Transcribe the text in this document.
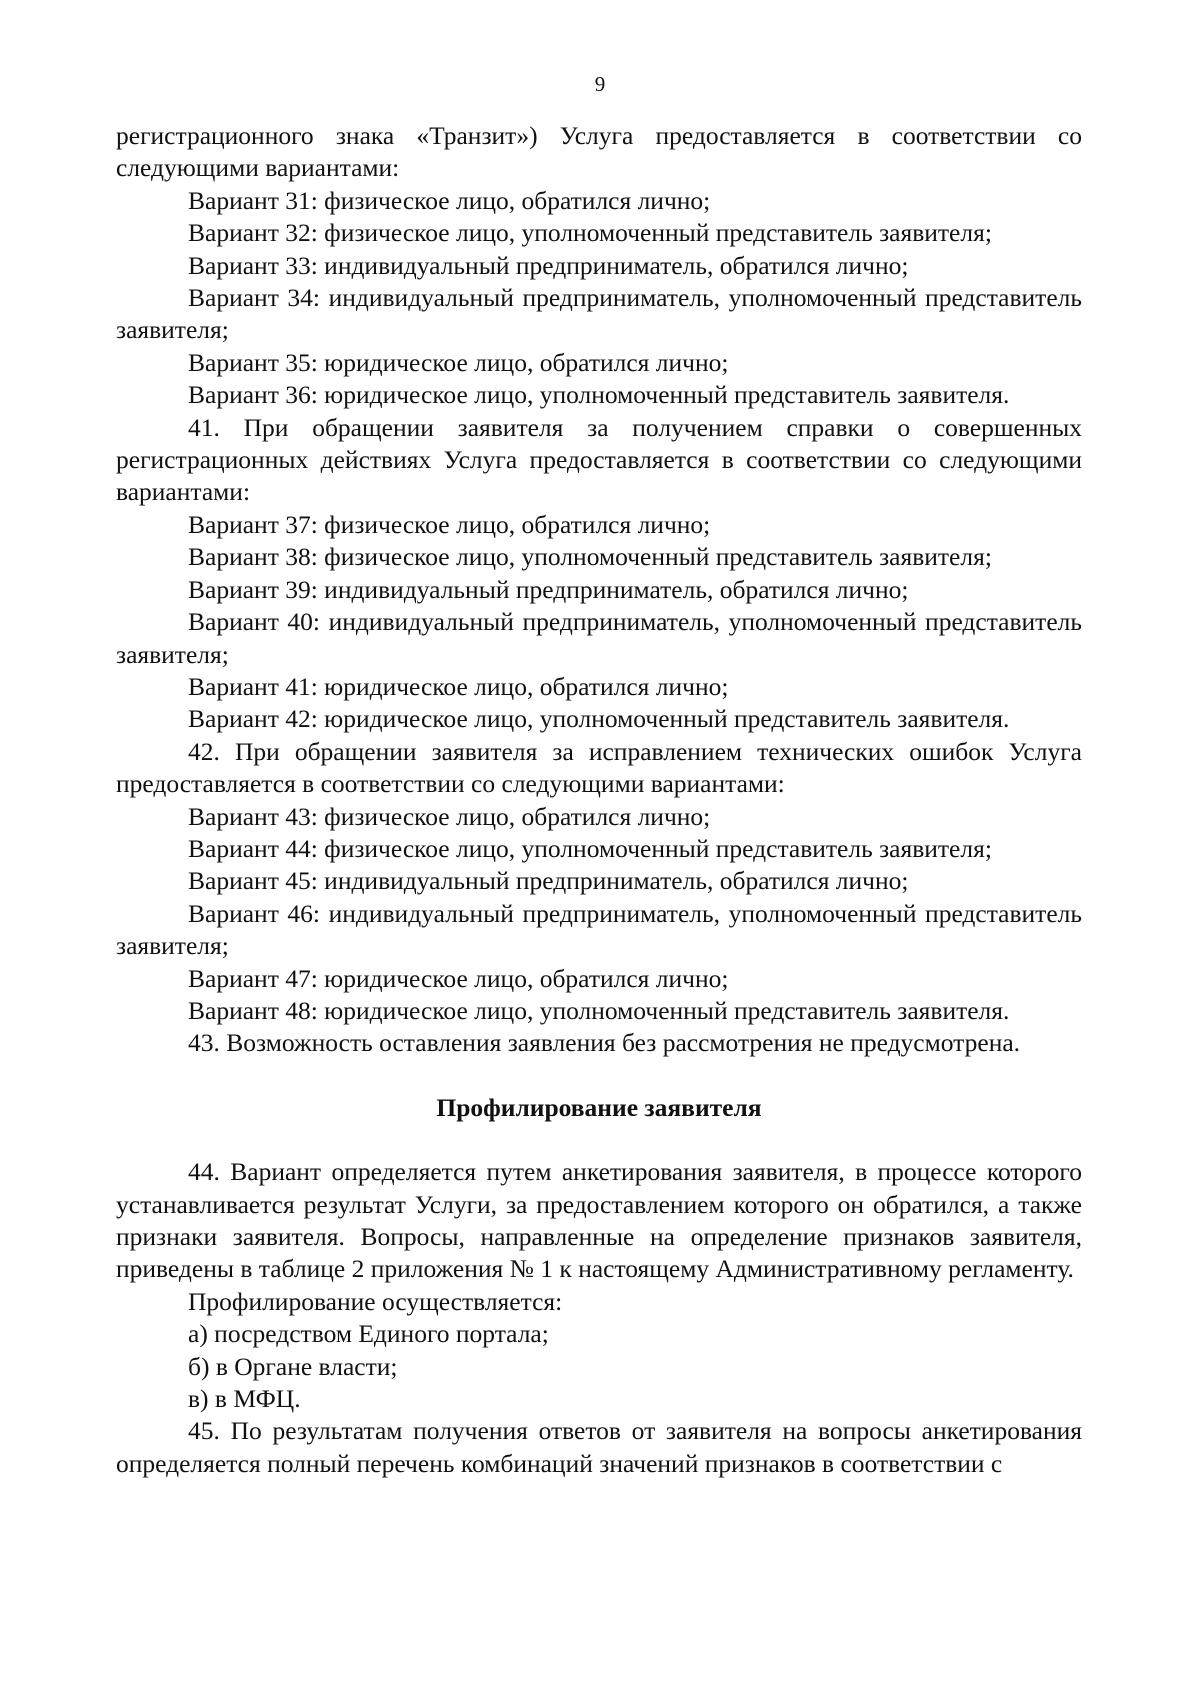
9

регистрационного знака «Транзит») Услуга предоставляется в соответствии со следующими вариантами:

Вариант 31: физическое лицо, обратился лично;

Вариант 32: физическое лицо, уполномоченный представитель заявителя;

Вариант 33: индивидуальный предприниматель, обратился лично;

Вариант 34: индивидуальный предприниматель, уполномоченный представитель заявителя;

Вариант 35: юридическое лицо, обратился лично;

Вариант 36: юридическое лицо, уполномоченный представитель заявителя.

41. При обращении заявителя за получением справки о совершенных регистрационных действиях Услуга предоставляется в соответствии со следующими вариантами:

Вариант 37: физическое лицо, обратился лично;

Вариант 38: физическое лицо, уполномоченный представитель заявителя;

Вариант 39: индивидуальный предприниматель, обратился лично;

Вариант 40: индивидуальный предприниматель, уполномоченный представитель заявителя;

Вариант 41: юридическое лицо, обратился лично;

Вариант 42: юридическое лицо, уполномоченный представитель заявителя.

42. При обращении заявителя за исправлением технических ошибок Услуга предоставляется в соответствии со следующими вариантами:

Вариант 43: физическое лицо, обратился лично;

Вариант 44: физическое лицо, уполномоченный представитель заявителя;

Вариант 45: индивидуальный предприниматель, обратился лично;

Вариант 46: индивидуальный предприниматель, уполномоченный представитель заявителя;

Вариант 47: юридическое лицо, обратился лично;

Вариант 48: юридическое лицо, уполномоченный представитель заявителя.

43. Возможность оставления заявления без рассмотрения не предусмотрена.

Профилирование заявителя

44. Вариант определяется путем анкетирования заявителя, в процессе которого устанавливается результат Услуги, за предоставлением которого он обратился, а также признаки заявителя. Вопросы, направленные на определение признаков заявителя, приведены в таблице 2 приложения № 1 к настоящему Административному регламенту.

Профилирование осуществляется:

а) посредством Единого портала;

б) в Органе власти;

в) в МФЦ.

45. По результатам получения ответов от заявителя на вопросы анкетирования определяется полный перечень комбинаций значений признаков в соответствии с
